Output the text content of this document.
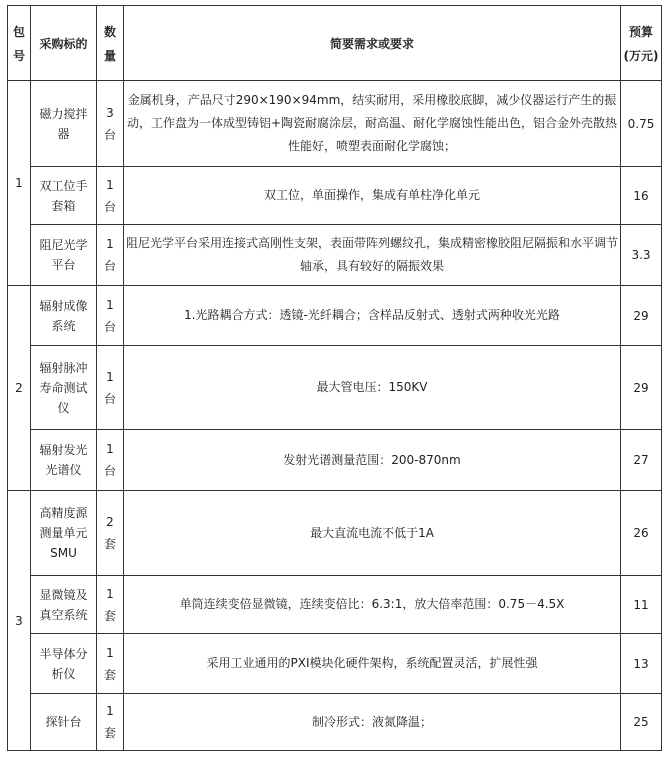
包号	采购标的	数量	简要需求或要求	预算(万元)
1	磁力搅拌器	3台	金属机身，产品尺寸290×190×94mm，结实耐用，采用橡胶底脚，减少仪器运行产生的振动，工作盘为一体成型铸铝+陶瓷耐腐涂层，耐高温、耐化学腐蚀性能出色，铝合金外壳散热性能好，喷塑表面耐化学腐蚀；	0.75
	双工位手套箱	1台	双工位，单面操作，集成有单柱净化单元	16
	阻尼光学平台	1台	阻尼光学平台采用连接式高刚性支架，表面带阵列螺纹孔，集成精密橡胶阻尼隔振和水平调节轴承，具有较好的隔振效果	3.3
2	辐射成像系统	1台	1.光路耦合方式：透镜-光纤耦合；含样品反射式、透射式两种收光光路	29
	辐射脉冲寿命测试仪	1台	最大管电压：150KV	29
	辐射发光光谱仪	1台	发射光谱测量范围：200-870nm	27
3	高精度源测量单元SMU	2套	最大直流电流不低于1A	26
	显微镜及真空系统	1套	单筒连续变倍显微镜，连续变倍比：6.3:1，放大倍率范围：0.75－4.5X	11
	半导体分析仪	1套	采用工业通用的PXI模块化硬件架构，系统配置灵活，扩展性强	13
	探针台	1套	制冷形式：液氮降温；	25
